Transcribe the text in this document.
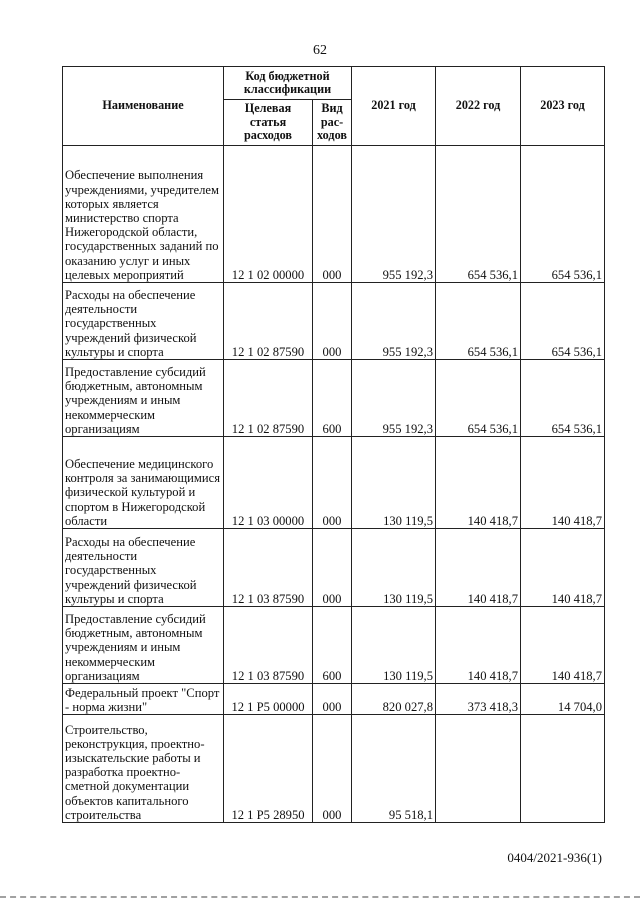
62
Наименование	Код бюджетной классификации		2021 год	2022 год	2023 год
	Целевая статья расходов	Вид рас- ходов			
Обеспечение выполнения учреждениями, учредителем которых является министерство спорта Нижегородской области, государственных заданий по оказанию услуг и иных целевых мероприятий	12 1 02 00000	000	955 192,3	654 536,1	654 536,1
Расходы на обеспечение деятельности государственных учреждений физической культуры и спорта	12 1 02 87590	000	955 192,3	654 536,1	654 536,1
Предоставление субсидий бюджетным, автономным учреждениям и иным некоммерческим организациям	12 1 02 87590	600	955 192,3	654 536,1	654 536,1
Обеспечение медицинского контроля за занимающимися физической культурой и спортом в Нижегородской области	12 1 03 00000	000	130 119,5	140 418,7	140 418,7
Расходы на обеспечение деятельности государственных учреждений физической культуры и спорта	12 1 03 87590	000	130 119,5	140 418,7	140 418,7
Предоставление субсидий бюджетным, автономным учреждениям и иным некоммерческим организациям	12 1 03 87590	600	130 119,5	140 418,7	140 418,7
Федеральный проект "Спорт - норма жизни"	12 1 Р5 00000	000	820 027,8	373 418,3	14 704,0
Строительство, реконструкция, проектно-изыскательские работы и разработка проектно-сметной документации объектов капитального строительства	12 1 Р5 28950	000	95 518,1		
0404/2021-936(1)
